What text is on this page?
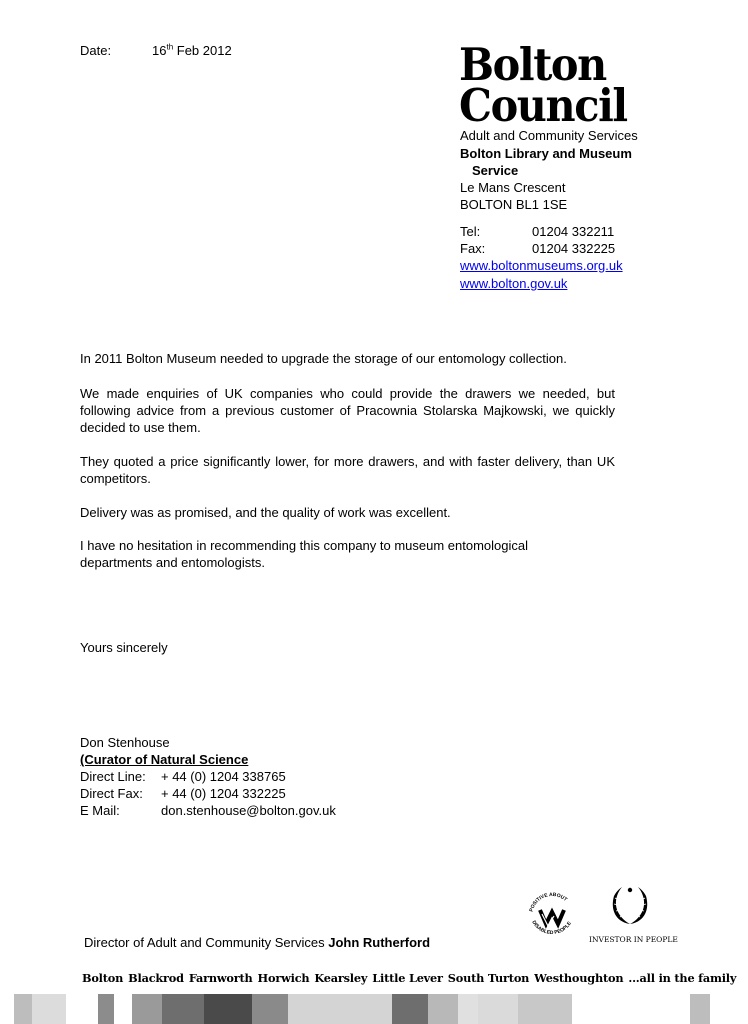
Date:	16th Feb 2012	Bolton
Council
Adult and Community Services
Bolton Library and Museum
Service
Le Mans Crescent
BOLTON BL1 1SE
Tel:	01204 332211
Fax:	01204 332225
www.boltonmuseums.org.uk
www.bolton.gov.uk
In 2011 Bolton Museum needed to upgrade the storage of our entomology collection.
We made enquiries of UK companies who could provide the drawers we needed, but following advice from a previous customer of Pracownia Stolarska Majkowski, we quickly decided to use them.
They quoted a price significantly lower, for more drawers, and with faster delivery, than UK competitors.
Delivery was as promised, and the quality of work was excellent.
I have no hesitation in recommending this company to museum entomological
departments and entomologists.
Yours sincerely
Don Stenhouse
(Curator of Natural Science
Direct Line: + 44 (0) 1204 338765
Direct Fax: + 44 (0) 1204 332225
E Mail:	don.stenhouse@bolton.gov.uk
Director of Adult and Community Services John Rutherford
POSITIVE ABOUT
DISABLED PEOPLE
INVESTOR IN PEOPLE
Bolton Blackrod Farnworth Horwich Kearsley Little Lever South Turton Westhoughton ...all in the family
